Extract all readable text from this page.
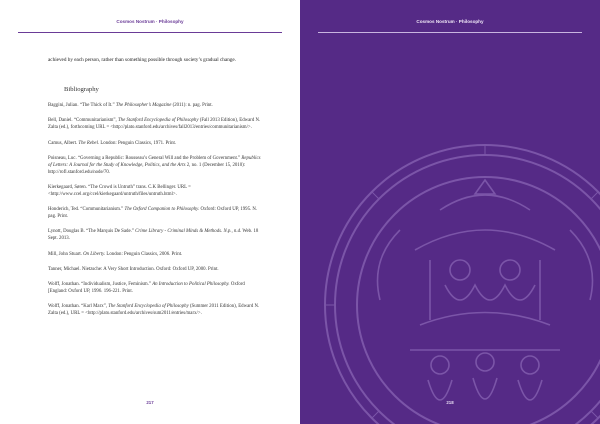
Cosmos Nostrum · Philosophy

achieved by each person, rather than something possible through society’s gradual change.

Bibliography
Baggini, Julian. “The Thick of It.” The Philosopher’s Magazine (2011): n. pag. Print.
Bell, Daniel. “Communitarianism”, The Stanford Encyclopedia of Philosophy (Fall 2013 Edition), Edward N. Zalta (ed.), forthcoming URL = <http://plato.stanford.edu/archives/fall2013/entries/communitarianism/>.
Camus, Albert. The Rebel. London: Penguin Classics, 1971. Print.
Poisneau, Luc. “Governing a Republic: Rousseau’s General Will and the Problem of Government.” Republics of Letters: A Journal for the Study of Knowledge, Politics, and the Arts 2, no. 1 (December 15, 2010): http://rofl.stanford.edu/node/70.
Kierkegaard, Søren. “The Crowd is Untruth” trans. C.K Bellinger. URL = <http://www.ccel.org/ccel/kierkegaard/untruth/files/untruth.html>.
Honderich, Ted. “Communitarianism.” The Oxford Companion to Philosophy. Oxford: Oxford UP, 1995. N. pag. Print.
Lynott, Douglas B. “The Marquis De Sade.” Crime Library - Criminal Minds & Methods. N.p., n.d. Web. 18 Sept. 2013.
Mill, John Stuart. On Liberty. London: Penguin Classics, 2006. Print.
Tanner, Michael. Nietzsche: A Very Short Introduction. Oxford: Oxford UP, 2000. Print.
Wolff, Jonathan. “Individualism, Justice, Feminism.” An Introduction to Political Philosophy. Oxford [England: Oxford UP, 1996. 196-221. Print.
Wolff, Jonathan. “Karl Marx”, The Stanford Encyclopedia of Philosophy (Summer 2011 Edition), Edward N. Zalta (ed.), URL = <http://plato.stanford.edu/archives/sum2011/entries/marx/>.
217
Cosmos Nostrum · Philosophy
218
